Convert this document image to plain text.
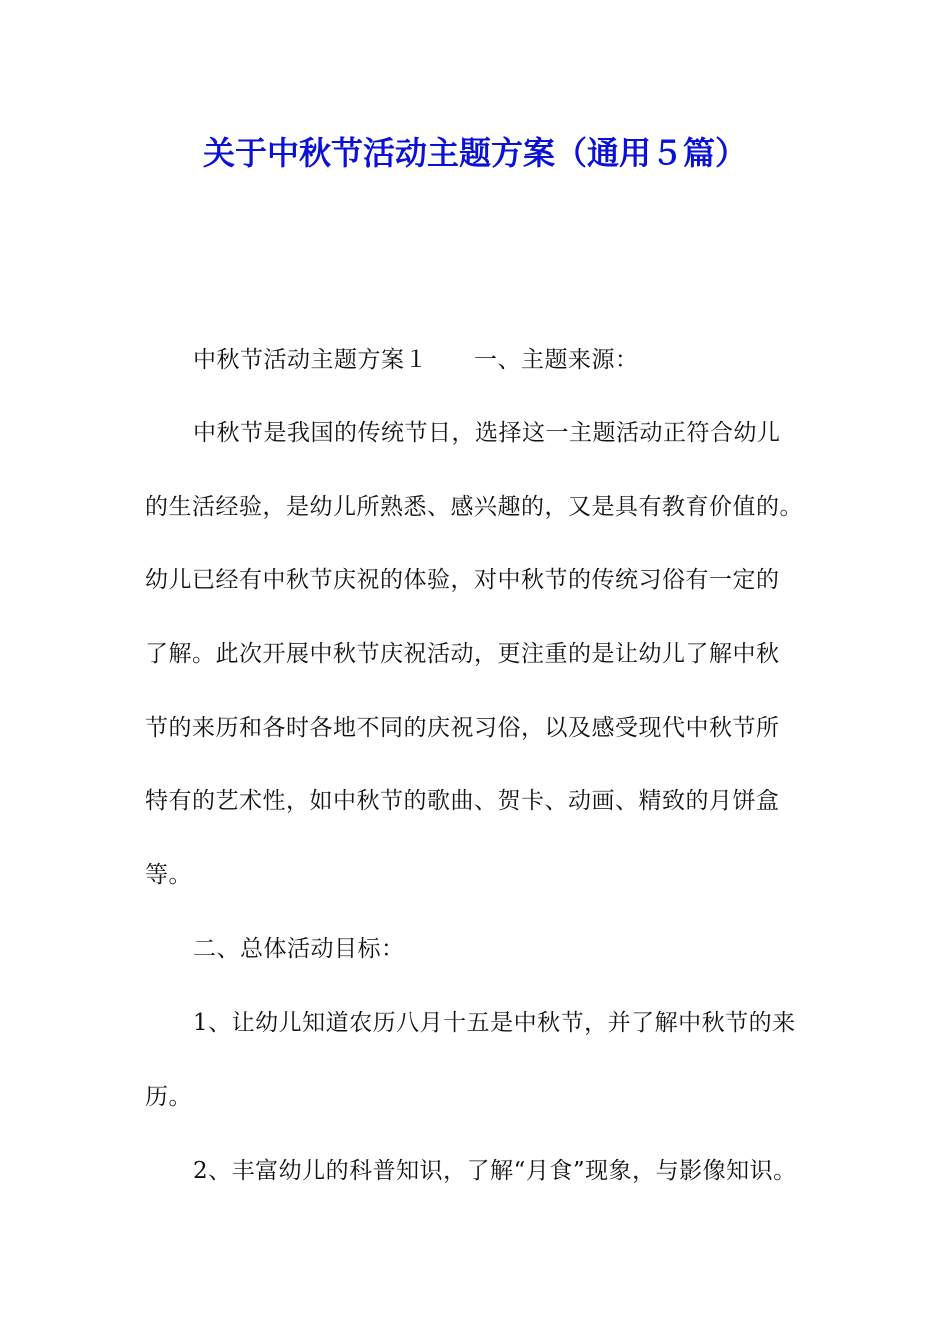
关于中秋节活动主题方案（通用５篇）
中秋节活动主题方案１ 一、主题来源：
中秋节是我国的传统节日，选择这一主题活动正符合幼儿
的生活经验，是幼儿所熟悉、感兴趣的，又是具有教育价值的。
幼儿已经有中秋节庆祝的体验，对中秋节的传统习俗有一定的
了解。此次开展中秋节庆祝活动，更注重的是让幼儿了解中秋
节的来历和各时各地不同的庆祝习俗，以及感受现代中秋节所
特有的艺术性，如中秋节的歌曲、贺卡、动画、精致的月饼盒
等。
二、总体活动目标：
1、让幼儿知道农历八月十五是中秋节，并了解中秋节的来
历。
2、丰富幼儿的科普知识，了解“月食”现象，与影像知识。
